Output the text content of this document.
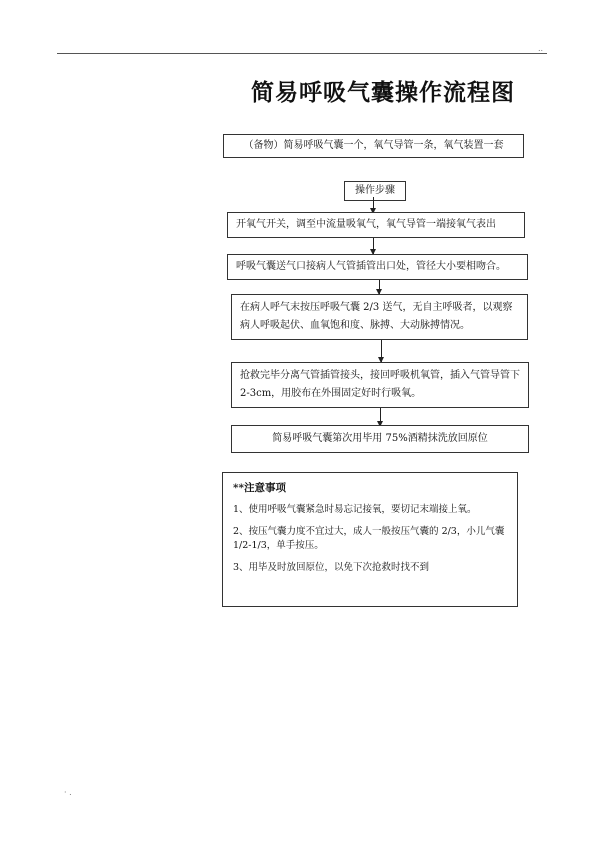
..
简易呼吸气囊操作流程图
（备物）简易呼吸气囊一个，氧气导管一条，氧气装置一套
操作步骤
开氧气开关，调至中流量吸氧气，氧气导管一端接氧气表出
呼吸气囊送气口接病人气管插管出口处，管径大小要相吻合。
在病人呼气末按压呼吸气囊 2/3 送气，无自主呼吸者，以观察病人呼吸起伏、血氧饱和度、脉搏、大动脉搏情况。
抢救完毕分离气管插管接头，接回呼吸机氧管，插入气管导管下 2-3cm，用胶布在外围固定好时行吸氧。
简易呼吸气囊第次用毕用 75%酒精抹洗放回原位
**注意事项
1、使用呼吸气囊紧急时易忘记接氧，要切记末端接上氧。
2、按压气囊力度不宜过大，成人一般按压气囊的 2/3，小儿气囊 1/2-1/3，单手按压。
3、用毕及时放回原位，以免下次抢救时找不到
· .
